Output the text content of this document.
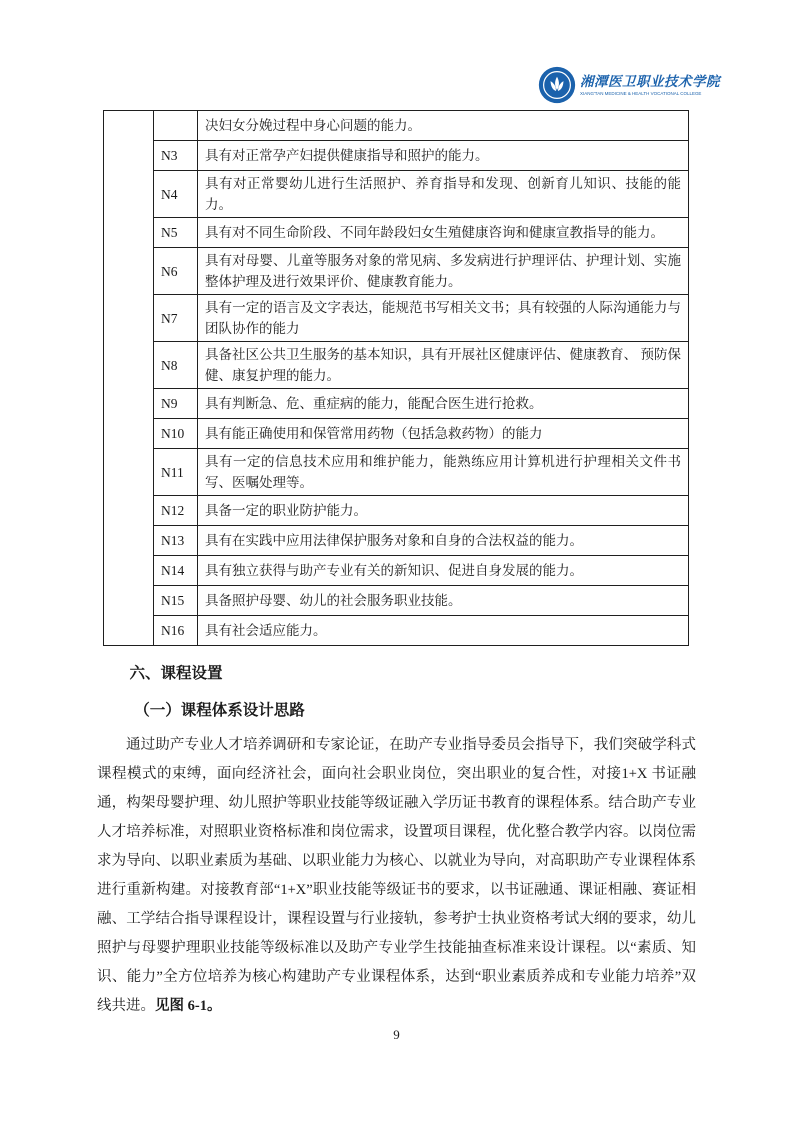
湘潭医卫职业技术学院
XIANG'TAN MEDICINE & HEALTH VOCATIONAL COLLEGE
		决妇女分娩过程中身心问题的能力。
	N3	具有对正常孕产妇提供健康指导和照护的能力。
	N4	具有对正常婴幼儿进行生活照护、养育指导和发现、创新育儿知识、技能的能力。
	N5	具有对不同生命阶段、不同年龄段妇女生殖健康咨询和健康宣教指导的能力。
	N6	具有对母婴、儿童等服务对象的常见病、多发病进行护理评估、护理计划、实施整体护理及进行效果评价、健康教育能力。
	N7	具有一定的语言及文字表达，能规范书写相关文书；具有较强的人际沟通能力与团队协作的能力
	N8	具备社区公共卫生服务的基本知识，具有开展社区健康评估、健康教育、 预防保健、康复护理的能力。
	N9	具有判断急、危、重症病的能力，能配合医生进行抢救。
	N10	具有能正确使用和保管常用药物（包括急救药物）的能力
	N11	具有一定的信息技术应用和维护能力，能熟练应用计算机进行护理相关文件书写、医嘱处理等。
	N12	具备一定的职业防护能力。
	N13	具有在实践中应用法律保护服务对象和自身的合法权益的能力。
	N14	具有独立获得与助产专业有关的新知识、促进自身发展的能力。
	N15	具备照护母婴、幼儿的社会服务职业技能。
	N16	具有社会适应能力。
六、课程设置
（一）课程体系设计思路

通过助产专业人才培养调研和专家论证，在助产专业指导委员会指导下，我们突破学科式课程模式的束缚，面向经济社会，面向社会职业岗位，突出职业的复合性，对接1+X 书证融通，构架母婴护理、幼儿照护等职业技能等级证融入学历证书教育的课程体系。结合助产专业人才培养标准，对照职业资格标准和岗位需求，设置项目课程，优化整合教学内容。以岗位需求为导向、以职业素质为基础、以职业能力为核心、以就业为导向，对高职助产专业课程体系进行重新构建。对接教育部“1+X”职业技能等级证书的要求，以书证融通、课证相融、赛证相融、工学结合指导课程设计，课程设置与行业接轨，参考护士执业资格考试大纲的要求，幼儿照护与母婴护理职业技能等级标准以及助产专业学生技能抽查标准来设计课程。以“素质、知识、能力”全方位培养为核心构建助产专业课程体系，达到“职业素质养成和专业能力培养”双线共进。见图 6-1。

9
